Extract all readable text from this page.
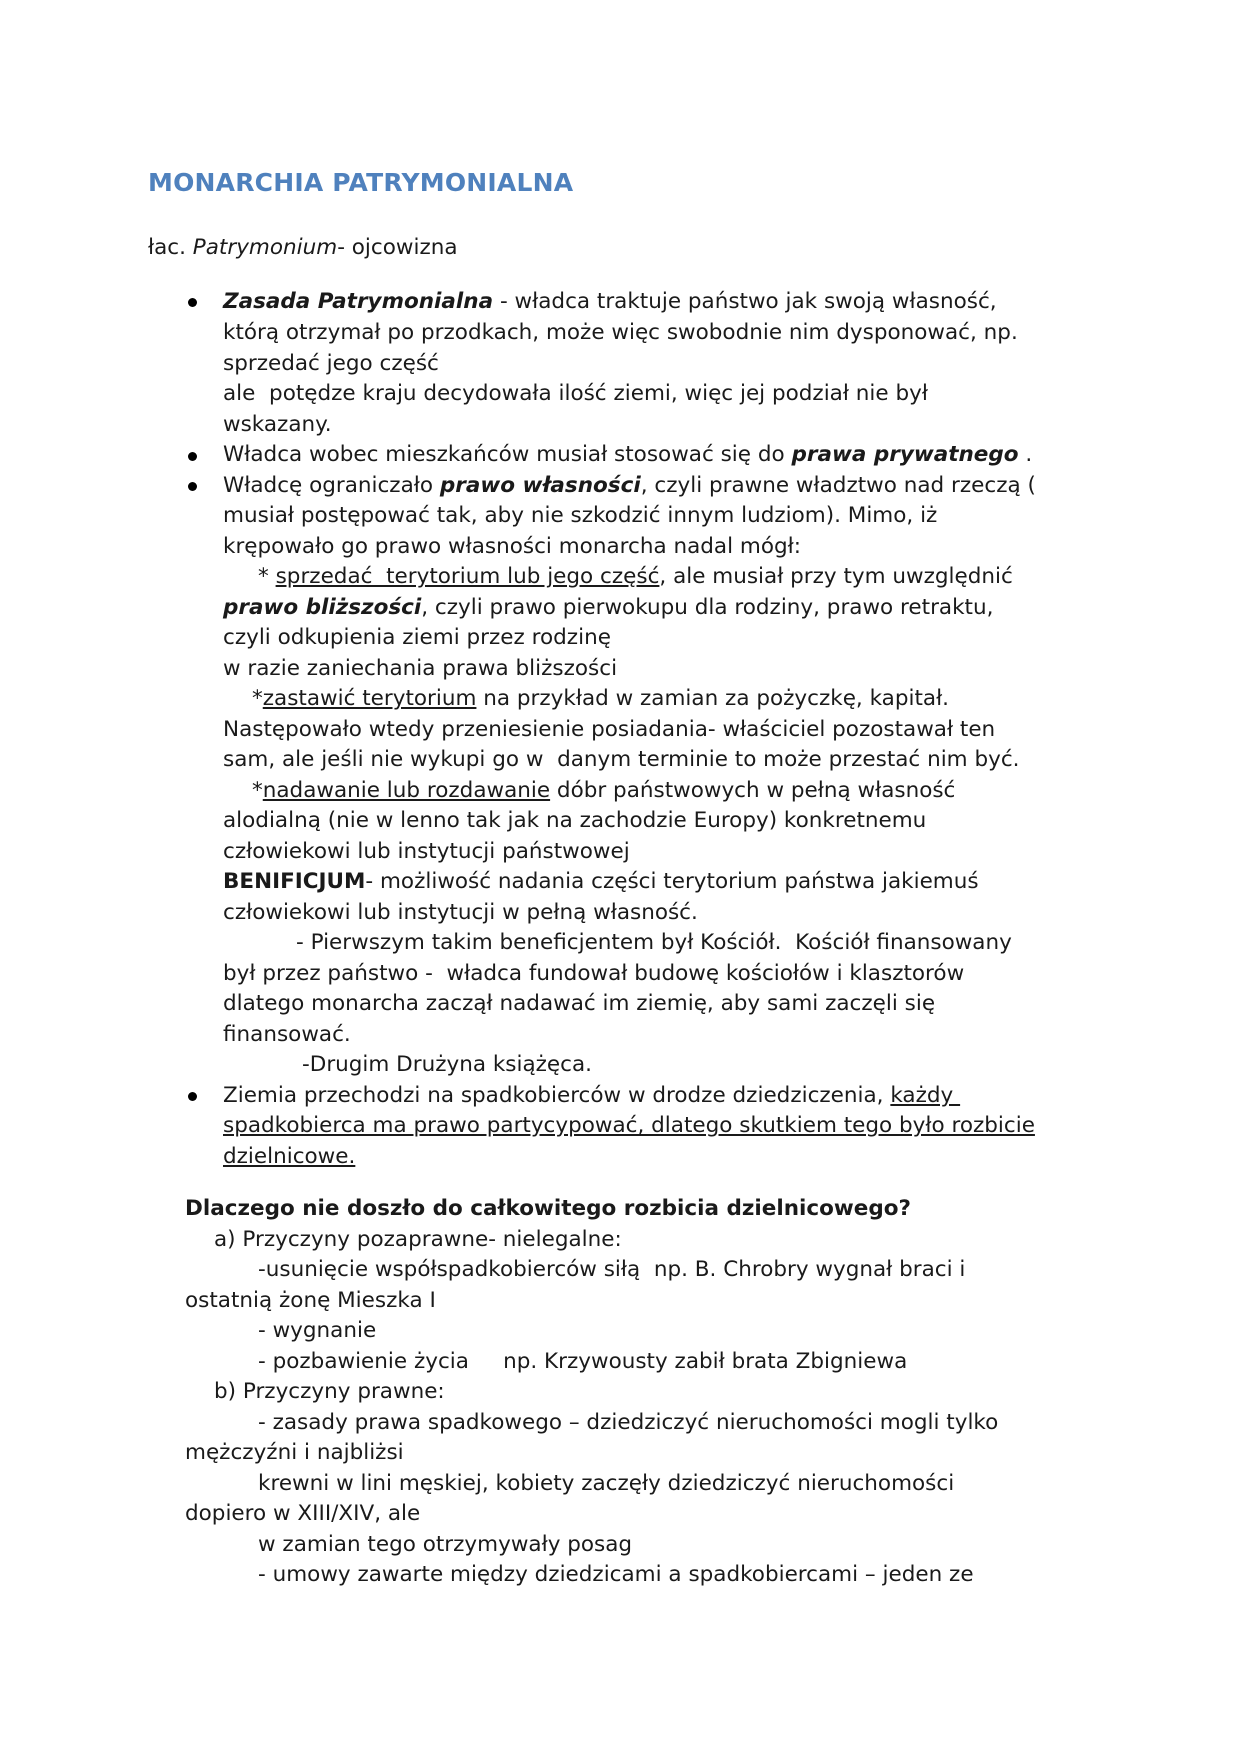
MONARCHIA PATRYMONIALNA
łac. Patrymonium- ojcowizna
Zasada Patrymonialna - władca traktuje państwo jak swoją własność,
którą otrzymał po przodkach, może więc swobodnie nim dysponować, np.
sprzedać jego część
ale  potędze kraju decydowała ilość ziemi, więc jej podział nie był
wskazany.
Władca wobec mieszkańców musiał stosować się do prawa prywatnego .
Władcę ograniczało prawo własności, czyli prawne władztwo nad rzeczą (
musiał postępować tak, aby nie szkodzić innym ludziom). Mimo, iż
krępowało go prawo własności monarcha nadal mógł:
* sprzedać  terytorium lub jego część, ale musiał przy tym uwzględnić
prawo bliższości, czyli prawo pierwokupu dla rodziny, prawo retraktu,
czyli odkupienia ziemi przez rodzinę
w razie zaniechania prawa bliższości
*zastawić terytorium na przykład w zamian za pożyczkę, kapitał.
Następowało wtedy przeniesienie posiadania- właściciel pozostawał ten
sam, ale jeśli nie wykupi go w  danym terminie to może przestać nim być.
*nadawanie lub rozdawanie dóbr państwowych w pełną własność
alodialną (nie w lenno tak jak na zachodzie Europy) konkretnemu
człowiekowi lub instytucji państwowej
BENIFICJUM- możliwość nadania części terytorium państwa jakiemuś
człowiekowi lub instytucji w pełną własność.
- Pierwszym takim beneficjentem był Kościół.  Kościół finansowany
był przez państwo -  władca fundował budowę kościołów i klasztorów
dlatego monarcha zaczął nadawać im ziemię, aby sami zaczęli się
finansować.
-Drugim Drużyna książęca.
Ziemia przechodzi na spadkobierców w drodze dziedziczenia, każdy
spadkobierca ma prawo partycypować, dlatego skutkiem tego było rozbicie
dzielnicowe.
Dlaczego nie doszło do całkowitego rozbicia dzielnicowego?
a) Przyczyny pozaprawne- nielegalne:
-usunięcie współspadkobierców siłą  np. B. Chrobry wygnał braci i
ostatnią żonę Mieszka I
- wygnanie
- pozbawienie życia     np. Krzywousty zabił brata Zbigniewa
b) Przyczyny prawne:
- zasady prawa spadkowego – dziedziczyć nieruchomości mogli tylko
mężczyźni i najbliżsi
krewni w lini męskiej, kobiety zaczęły dziedziczyć nieruchomości
dopiero w XIII/XIV, ale
w zamian tego otrzymywały posag
- umowy zawarte między dziedzicami a spadkobiercami – jeden ze
